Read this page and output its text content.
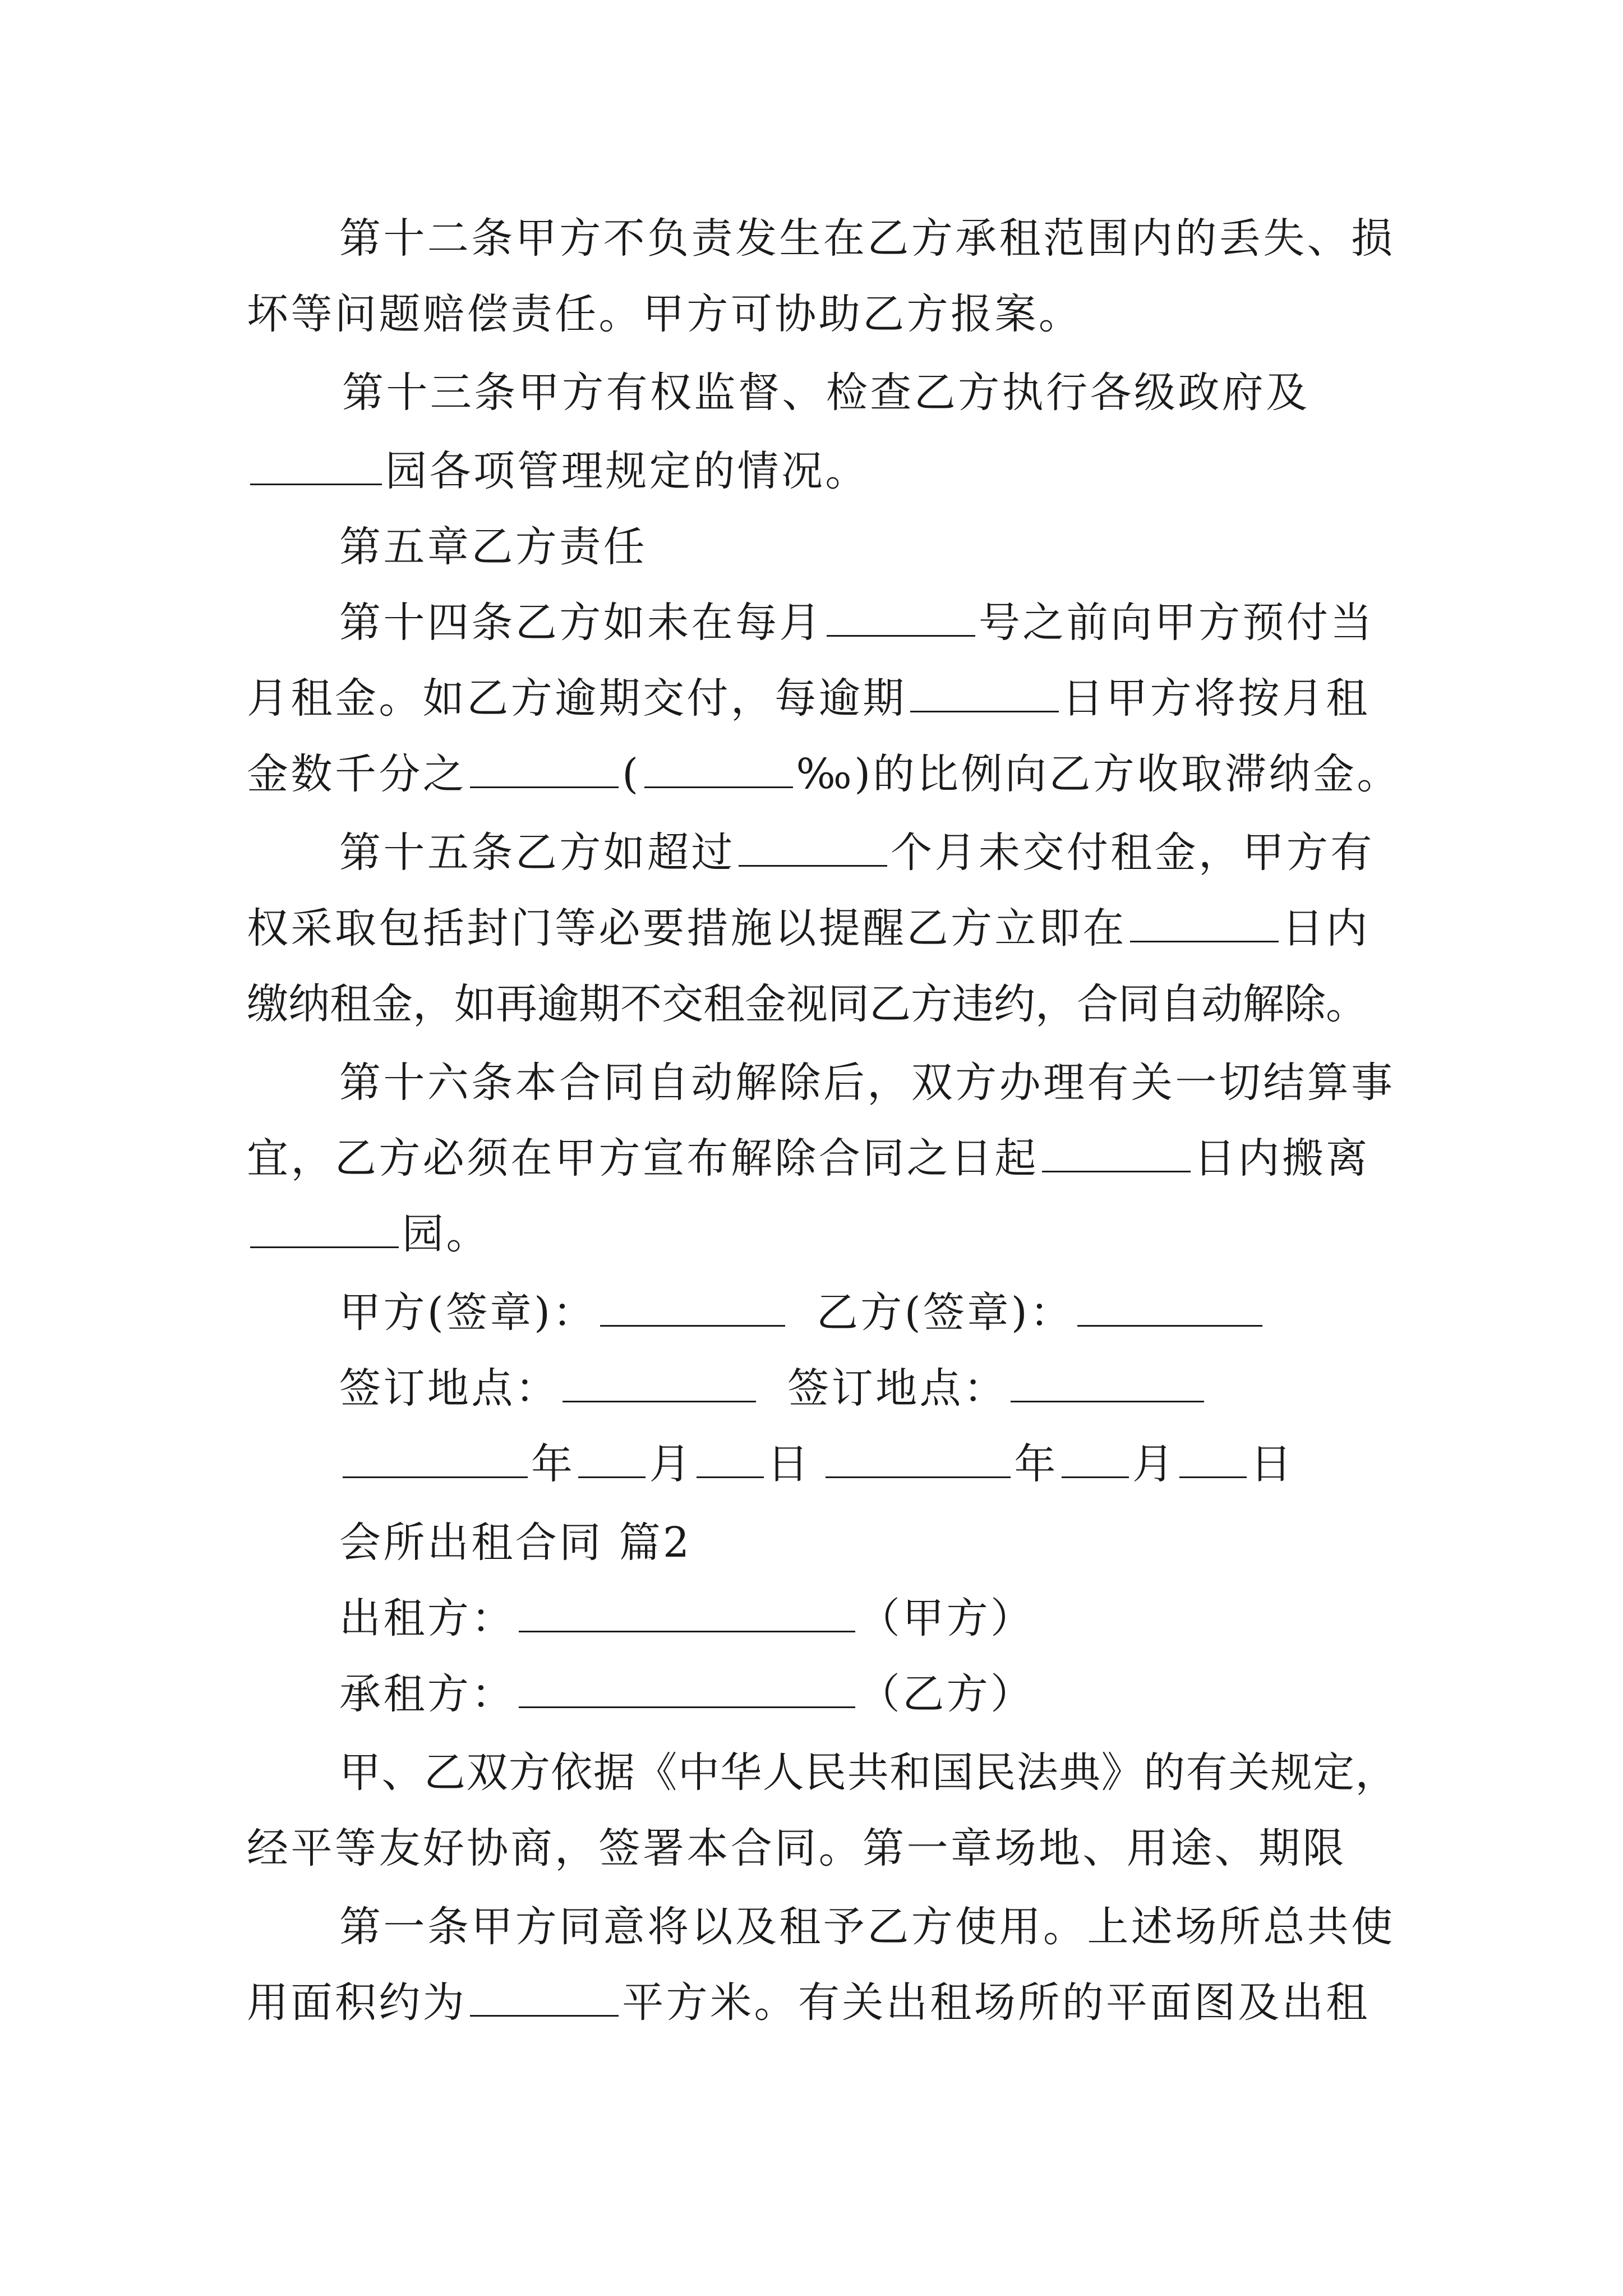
第十二条甲方不负责发生在乙方承租范围内的丢失、损
坏等问题赔偿责任。甲方可协助乙方报案。
第十三条甲方有权监督、检查乙方执行各级政府及
园各项管理规定的情况。
第五章乙方责任
第十四条乙方如未在每月	号之前向甲方预付当
月租金。如乙方逾期交付，每逾期	日甲方将按月租
金数千分之	(	‰)的比例向乙方收取滞纳金。
第十五条乙方如超过	个月未交付租金，甲方有
权采取包括封门等必要措施以提醒乙方立即在	日内
缴纳租金，如再逾期不交租金视同乙方违约，合同自动解除。
第十六条本合同自动解除后，双方办理有关一切结算事
宜，乙方必须在甲方宣布解除合同之日起	日内搬离
园。
甲方(签章)：	乙方(签章)：
签订地点：	签订地点：
年 月 日	年 月 日
会所出租合同 篇2
出租方：	（甲方）
承租方：	（乙方）
甲、乙双方依据《中华人民共和国民法典》的有关规定，
经平等友好协商，签署本合同。第一章场地、用途、期限
第一条甲方同意将以及租予乙方使用。上述场所总共使
用面积约为	平方米。有关出租场所的平面图及出租
